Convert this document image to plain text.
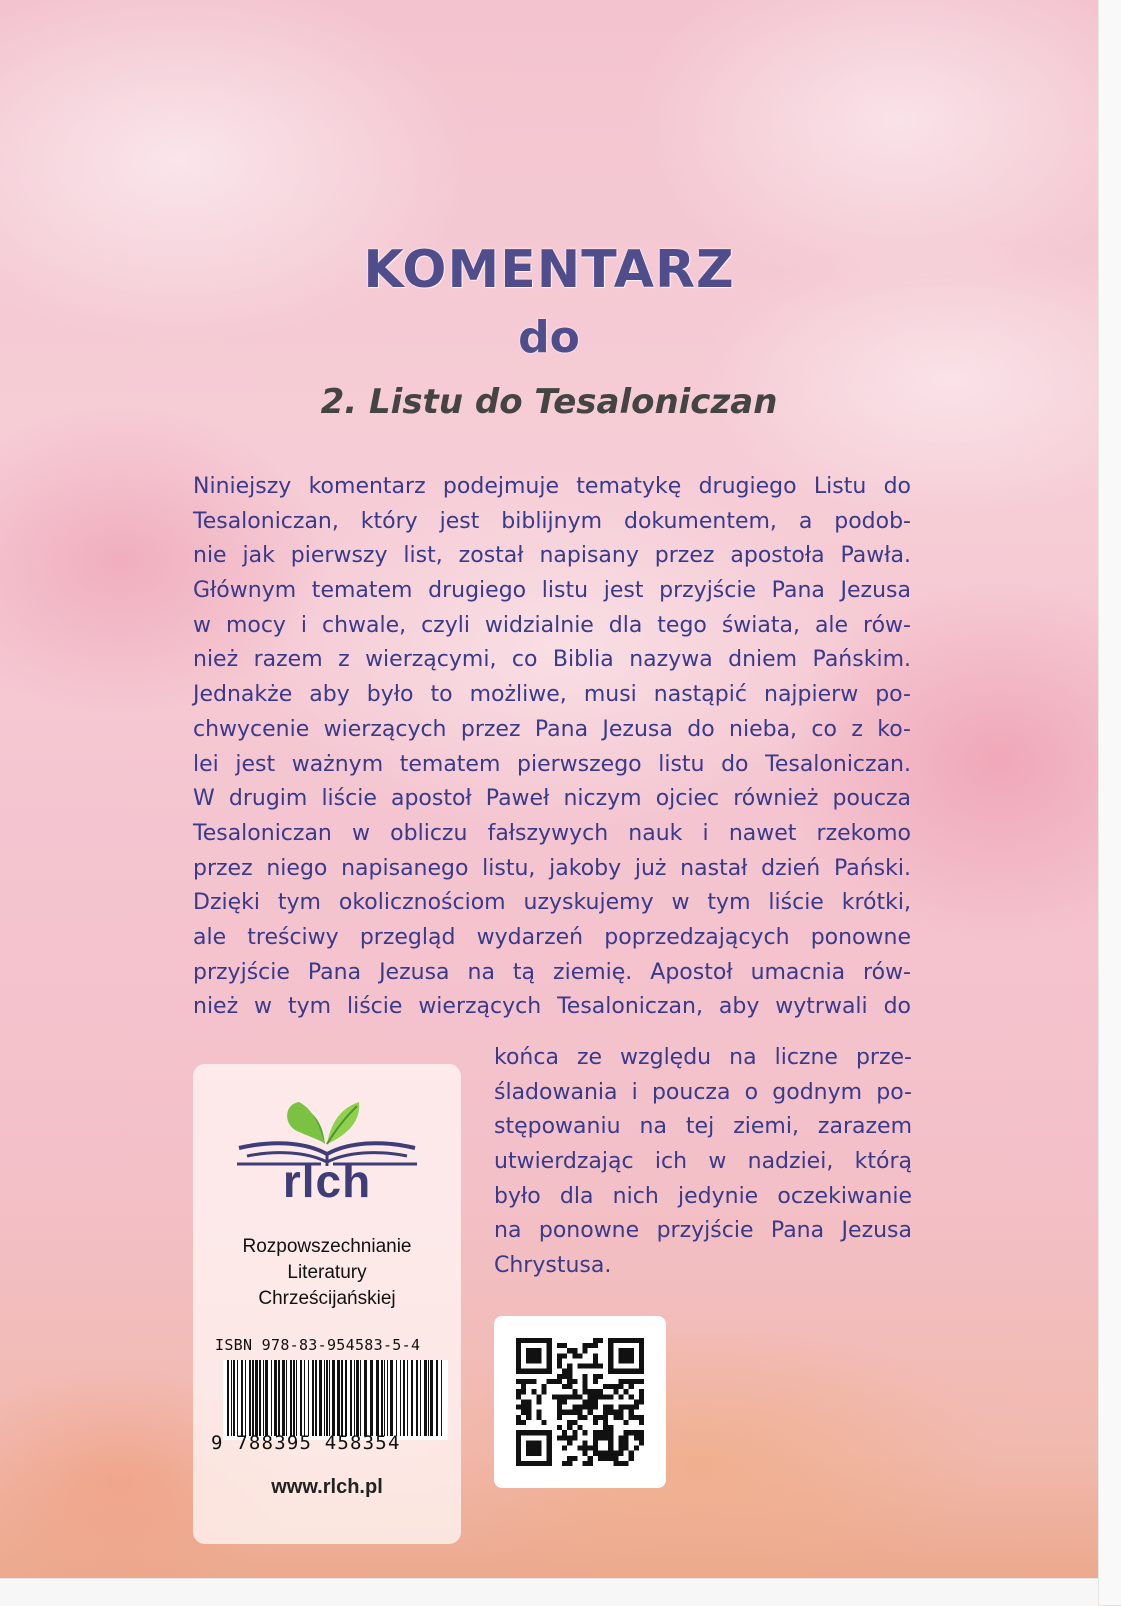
KOMENTARZ
do
2. Listu do Tesaloniczan
Niniejszy komentarz podejmuje tematykę drugiego Listu do
Tesaloniczan, który jest biblijnym dokumentem, a podob-
nie jak pierwszy list, został napisany przez apostoła Pawła.
Głównym tematem drugiego listu jest przyjście Pana Jezusa
w mocy i chwale, czyli widzialnie dla tego świata, ale rów-
nież razem z wierzącymi, co Biblia nazywa dniem Pańskim.
Jednakże aby było to możliwe, musi nastąpić najpierw po-
chwycenie wierzących przez Pana Jezusa do nieba, co z ko-
lei jest ważnym tematem pierwszego listu do Tesaloniczan.
W drugim liście apostoł Paweł niczym ojciec również poucza
Tesaloniczan w obliczu fałszywych nauk i nawet rzekomo
przez niego napisanego listu, jakoby już nastał dzień Pański.
Dzięki tym okolicznościom uzyskujemy w tym liście krótki,
ale treściwy przegląd wydarzeń poprzedzających ponowne
przyjście Pana Jezusa na tą ziemię. Apostoł umacnia rów-
nież w tym liście wierzących Tesaloniczan, aby wytrwali do
końca ze względu na liczne prze-
śladowania i poucza o godnym po-
stępowaniu na tej ziemi, zarazem
utwierdzając ich w nadziei, którą
było dla nich jedynie oczekiwanie
na ponowne przyjście Pana Jezusa
Chrystusa.
rlch
Rozpowszechnianie
Literatury
Chrześcijańskiej
ISBN 978-83-954583-5-4
9 788395 458354
www.rlch.pl
